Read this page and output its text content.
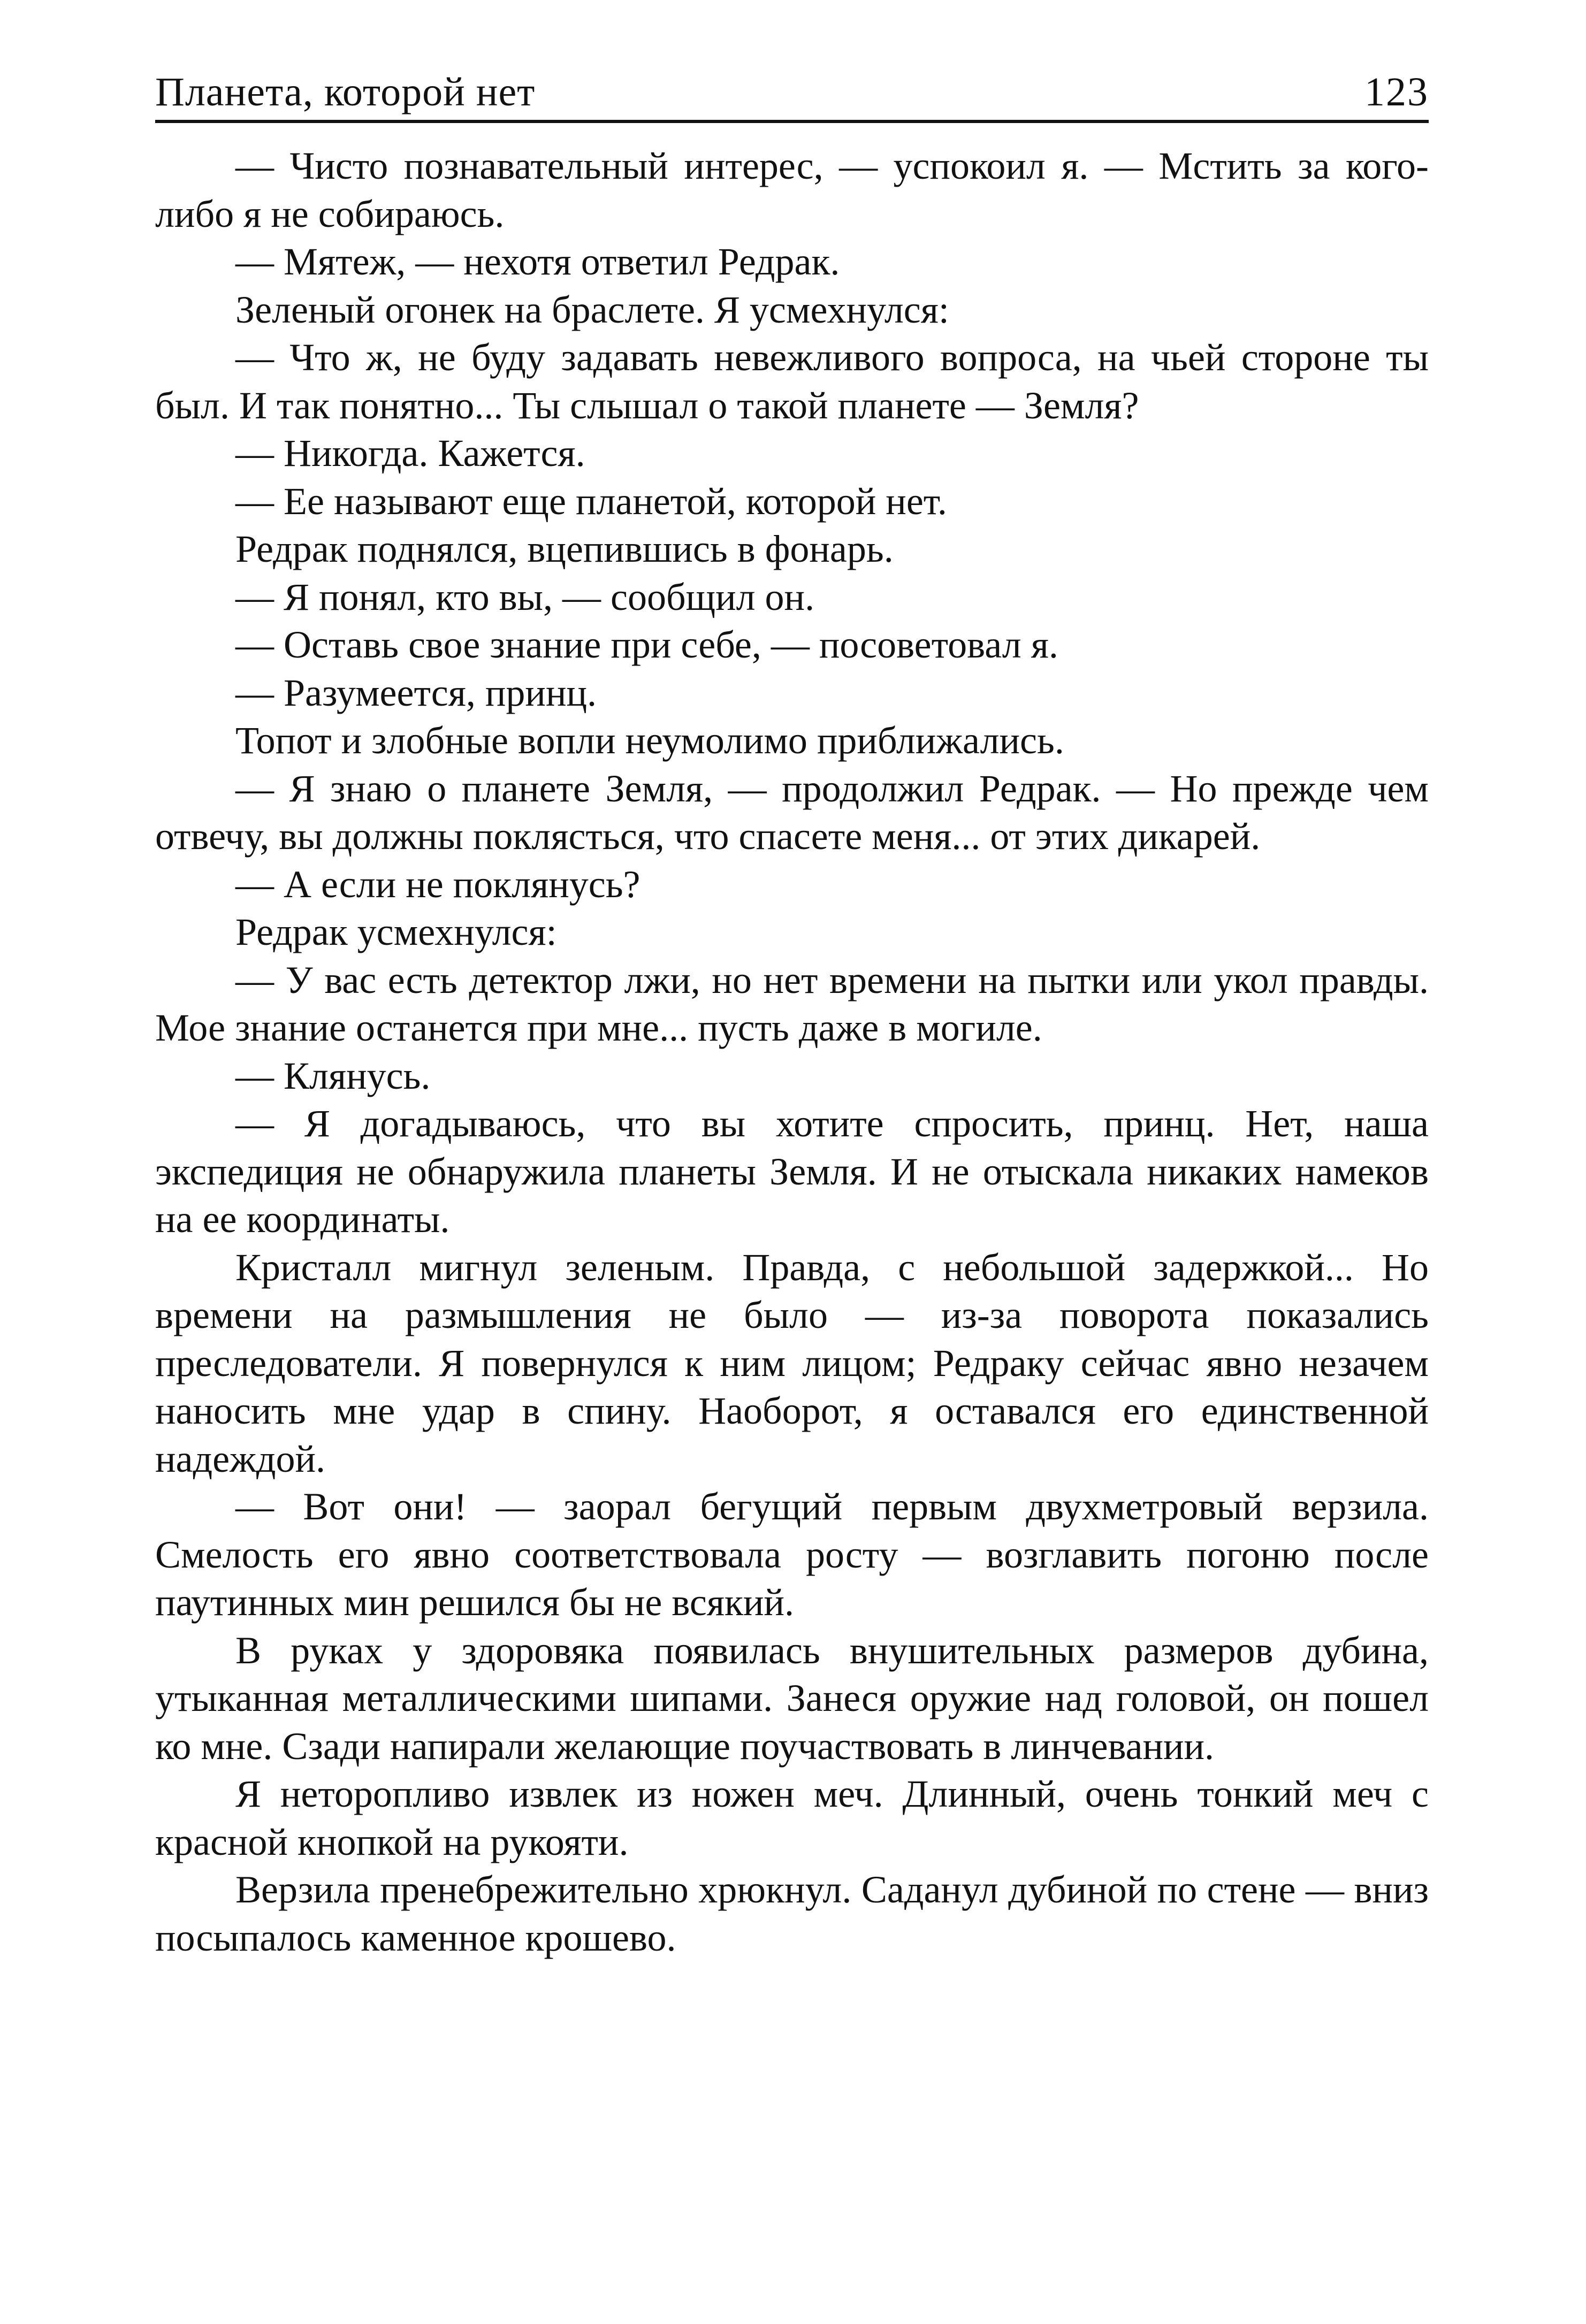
Планета, которой нет	123

— Чисто познавательный интерес, — успокоил я. — Мстить за кого-либо я не собираюсь.

— Мятеж, — нехотя ответил Редрак.

Зеленый огонек на браслете. Я усмехнулся:

— Что ж, не буду задавать невежливого вопроса, на чьей стороне ты был. И так понятно... Ты слышал о такой планете — Земля?

— Никогда. Кажется.

— Ее называют еще планетой, которой нет.

Редрак поднялся, вцепившись в фонарь.

— Я понял, кто вы, — сообщил он.

— Оставь свое знание при себе, — посоветовал я.

— Разумеется, принц.

Топот и злобные вопли неумолимо приближались.

— Я знаю о планете Земля, — продолжил Редрак. — Но прежде чем отвечу, вы должны поклясться, что спасете меня... от этих дикарей.

— А если не поклянусь?

Редрак усмехнулся:

— У вас есть детектор лжи, но нет времени на пытки или укол правды. Мое знание останется при мне... пусть даже в могиле.

— Клянусь.

— Я догадываюсь, что вы хотите спросить, принц. Нет, наша экспедиция не обнаружила планеты Земля. И не отыскала никаких намеков на ее координаты.

Кристалл мигнул зеленым. Правда, с небольшой задержкой... Но времени на размышления не было — из-за поворота показались преследователи. Я повернулся к ним лицом; Редраку сейчас явно незачем наносить мне удар в спину. Наоборот, я оставался его единственной надеждой.

— Вот они! — заорал бегущий первым двухметровый верзила. Смелость его явно соответствовала росту — возглавить погоню после паутинных мин решился бы не всякий.

В руках у здоровяка появилась внушительных размеров дубина, утыканная металлическими шипами. Занеся оружие над головой, он пошел ко мне. Сзади напирали желающие поучаствовать в линчевании.

Я неторопливо извлек из ножен меч. Длинный, очень тонкий меч с красной кнопкой на рукояти.

Верзила пренебрежительно хрюкнул. Саданул дубиной по стене — вниз посыпалось каменное крошево.
